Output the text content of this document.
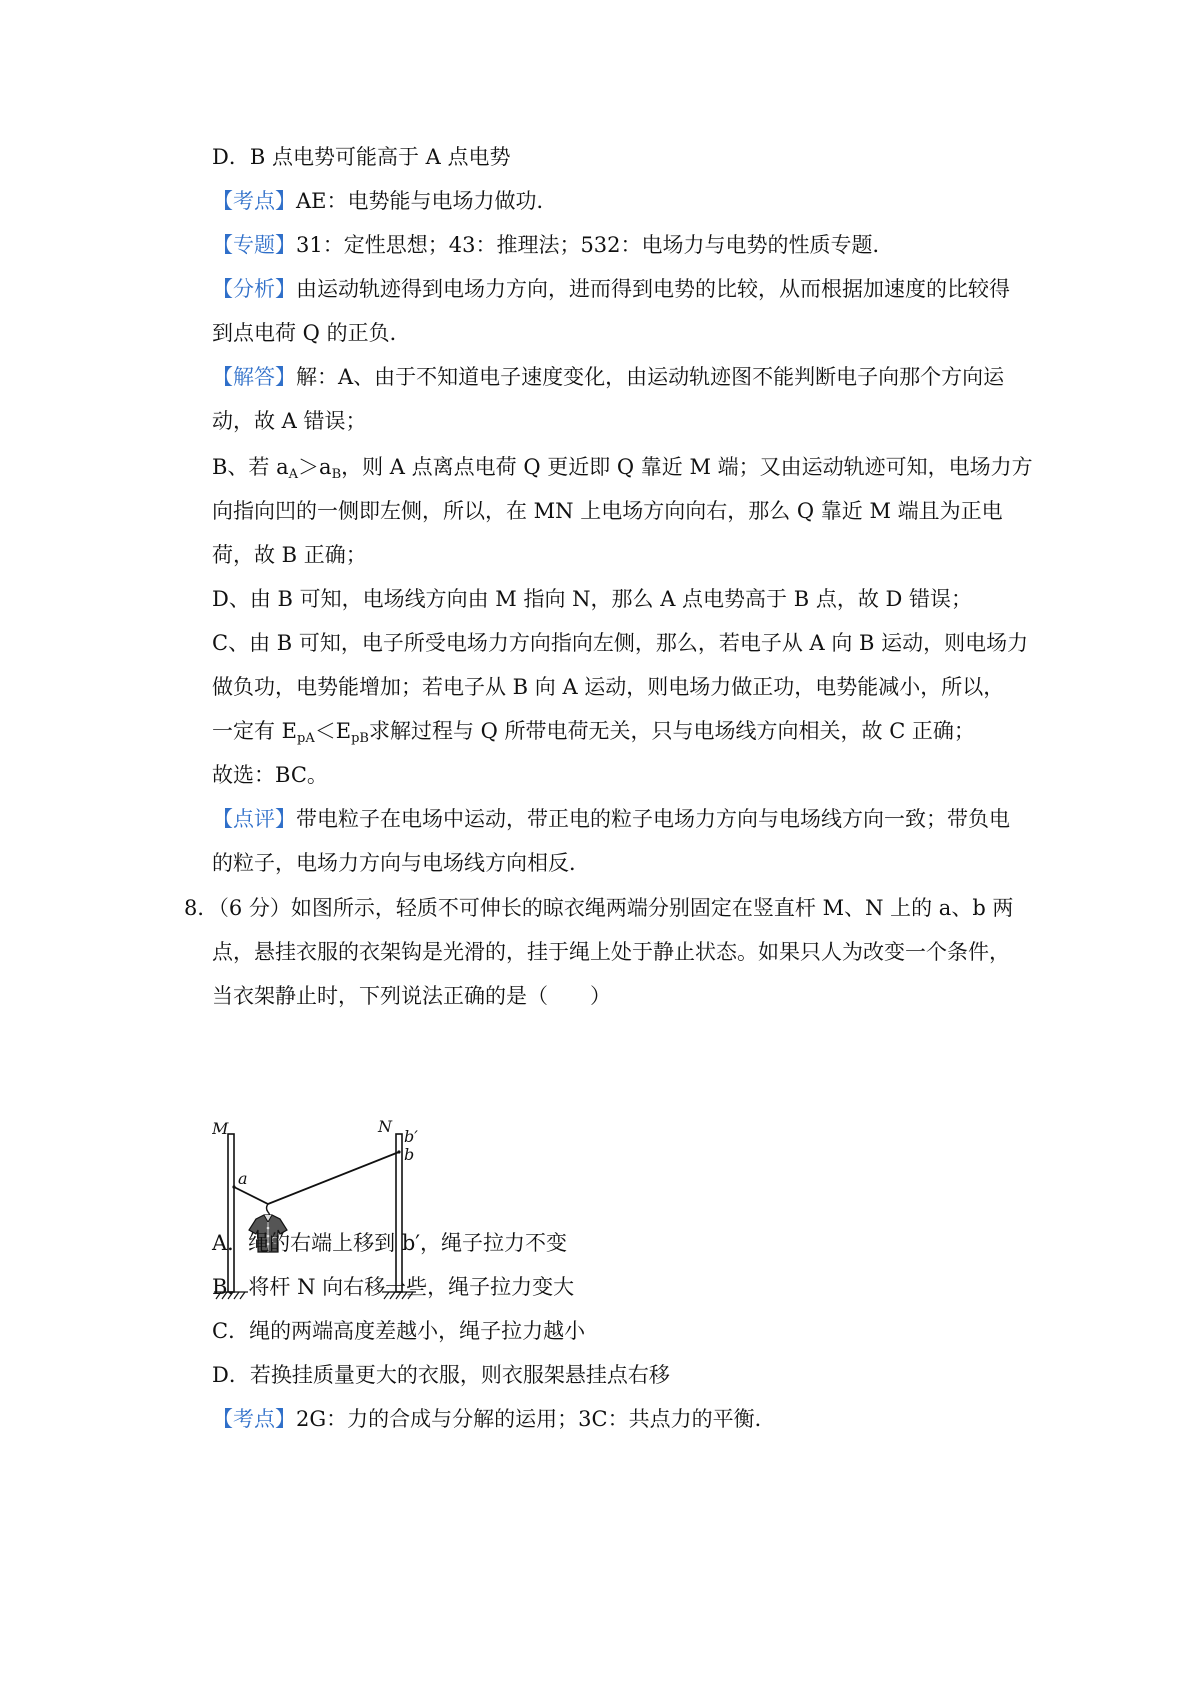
D．B 点电势可能高于 A 点电势
【考点】AE：电势能与电场力做功．
【专题】31：定性思想；43：推理法；532：电场力与电势的性质专题．
【分析】由运动轨迹得到电场力方向，进而得到电势的比较，从而根据加速度的比较得
到点电荷 Q 的正负．
【解答】解：A、由于不知道电子速度变化，由运动轨迹图不能判断电子向那个方向运
动，故 A 错误；
B、若 $a_A>a_B$，则 A 点离点电荷 Q 更近即 Q 靠近 M 端；又由运动轨迹可知，电场力方
向指向凹的一侧即左侧，所以，在 MN 上电场方向向右，那么 Q 靠近 M 端且为正电
荷，故 B 正确；
D、由 B 可知，电场线方向由 M 指向 N，那么 A 点电势高于 B 点，故 D 错误；
C、由 B 可知，电子所受电场力方向指向左侧，那么，若电子从 A 向 B 运动，则电场力
做负功，电势能增加；若电子从 B 向 A 运动，则电场力做正功，电势能减小，所以，
一定有 $E_{pA}<E_{pB}$求解过程与 Q 所带电荷无关，只与电场线方向相关，故 C 正确；
故选：BC。
【点评】带电粒子在电场中运动，带正电的粒子电场力方向与电场线方向一致；带负电
的粒子，电场力方向与电场线方向相反．
8．（6 分）如图所示，轻质不可伸长的晾衣绳两端分别固定在竖直杆 M、N 上的 a、b 两
点，悬挂衣服的衣架钩是光滑的，挂于绳上处于静止状态。如果只人为改变一个条件，
当衣架静止时，下列说法正确的是（　　）
M	N
a
b
b′
A．绳的右端上移到 b′，绳子拉力不变
B．将杆 N 向右移一些，绳子拉力变大
C．绳的两端高度差越小，绳子拉力越小
D．若换挂质量更大的衣服，则衣服架悬挂点右移
【考点】2G：力的合成与分解的运用；3C：共点力的平衡．
